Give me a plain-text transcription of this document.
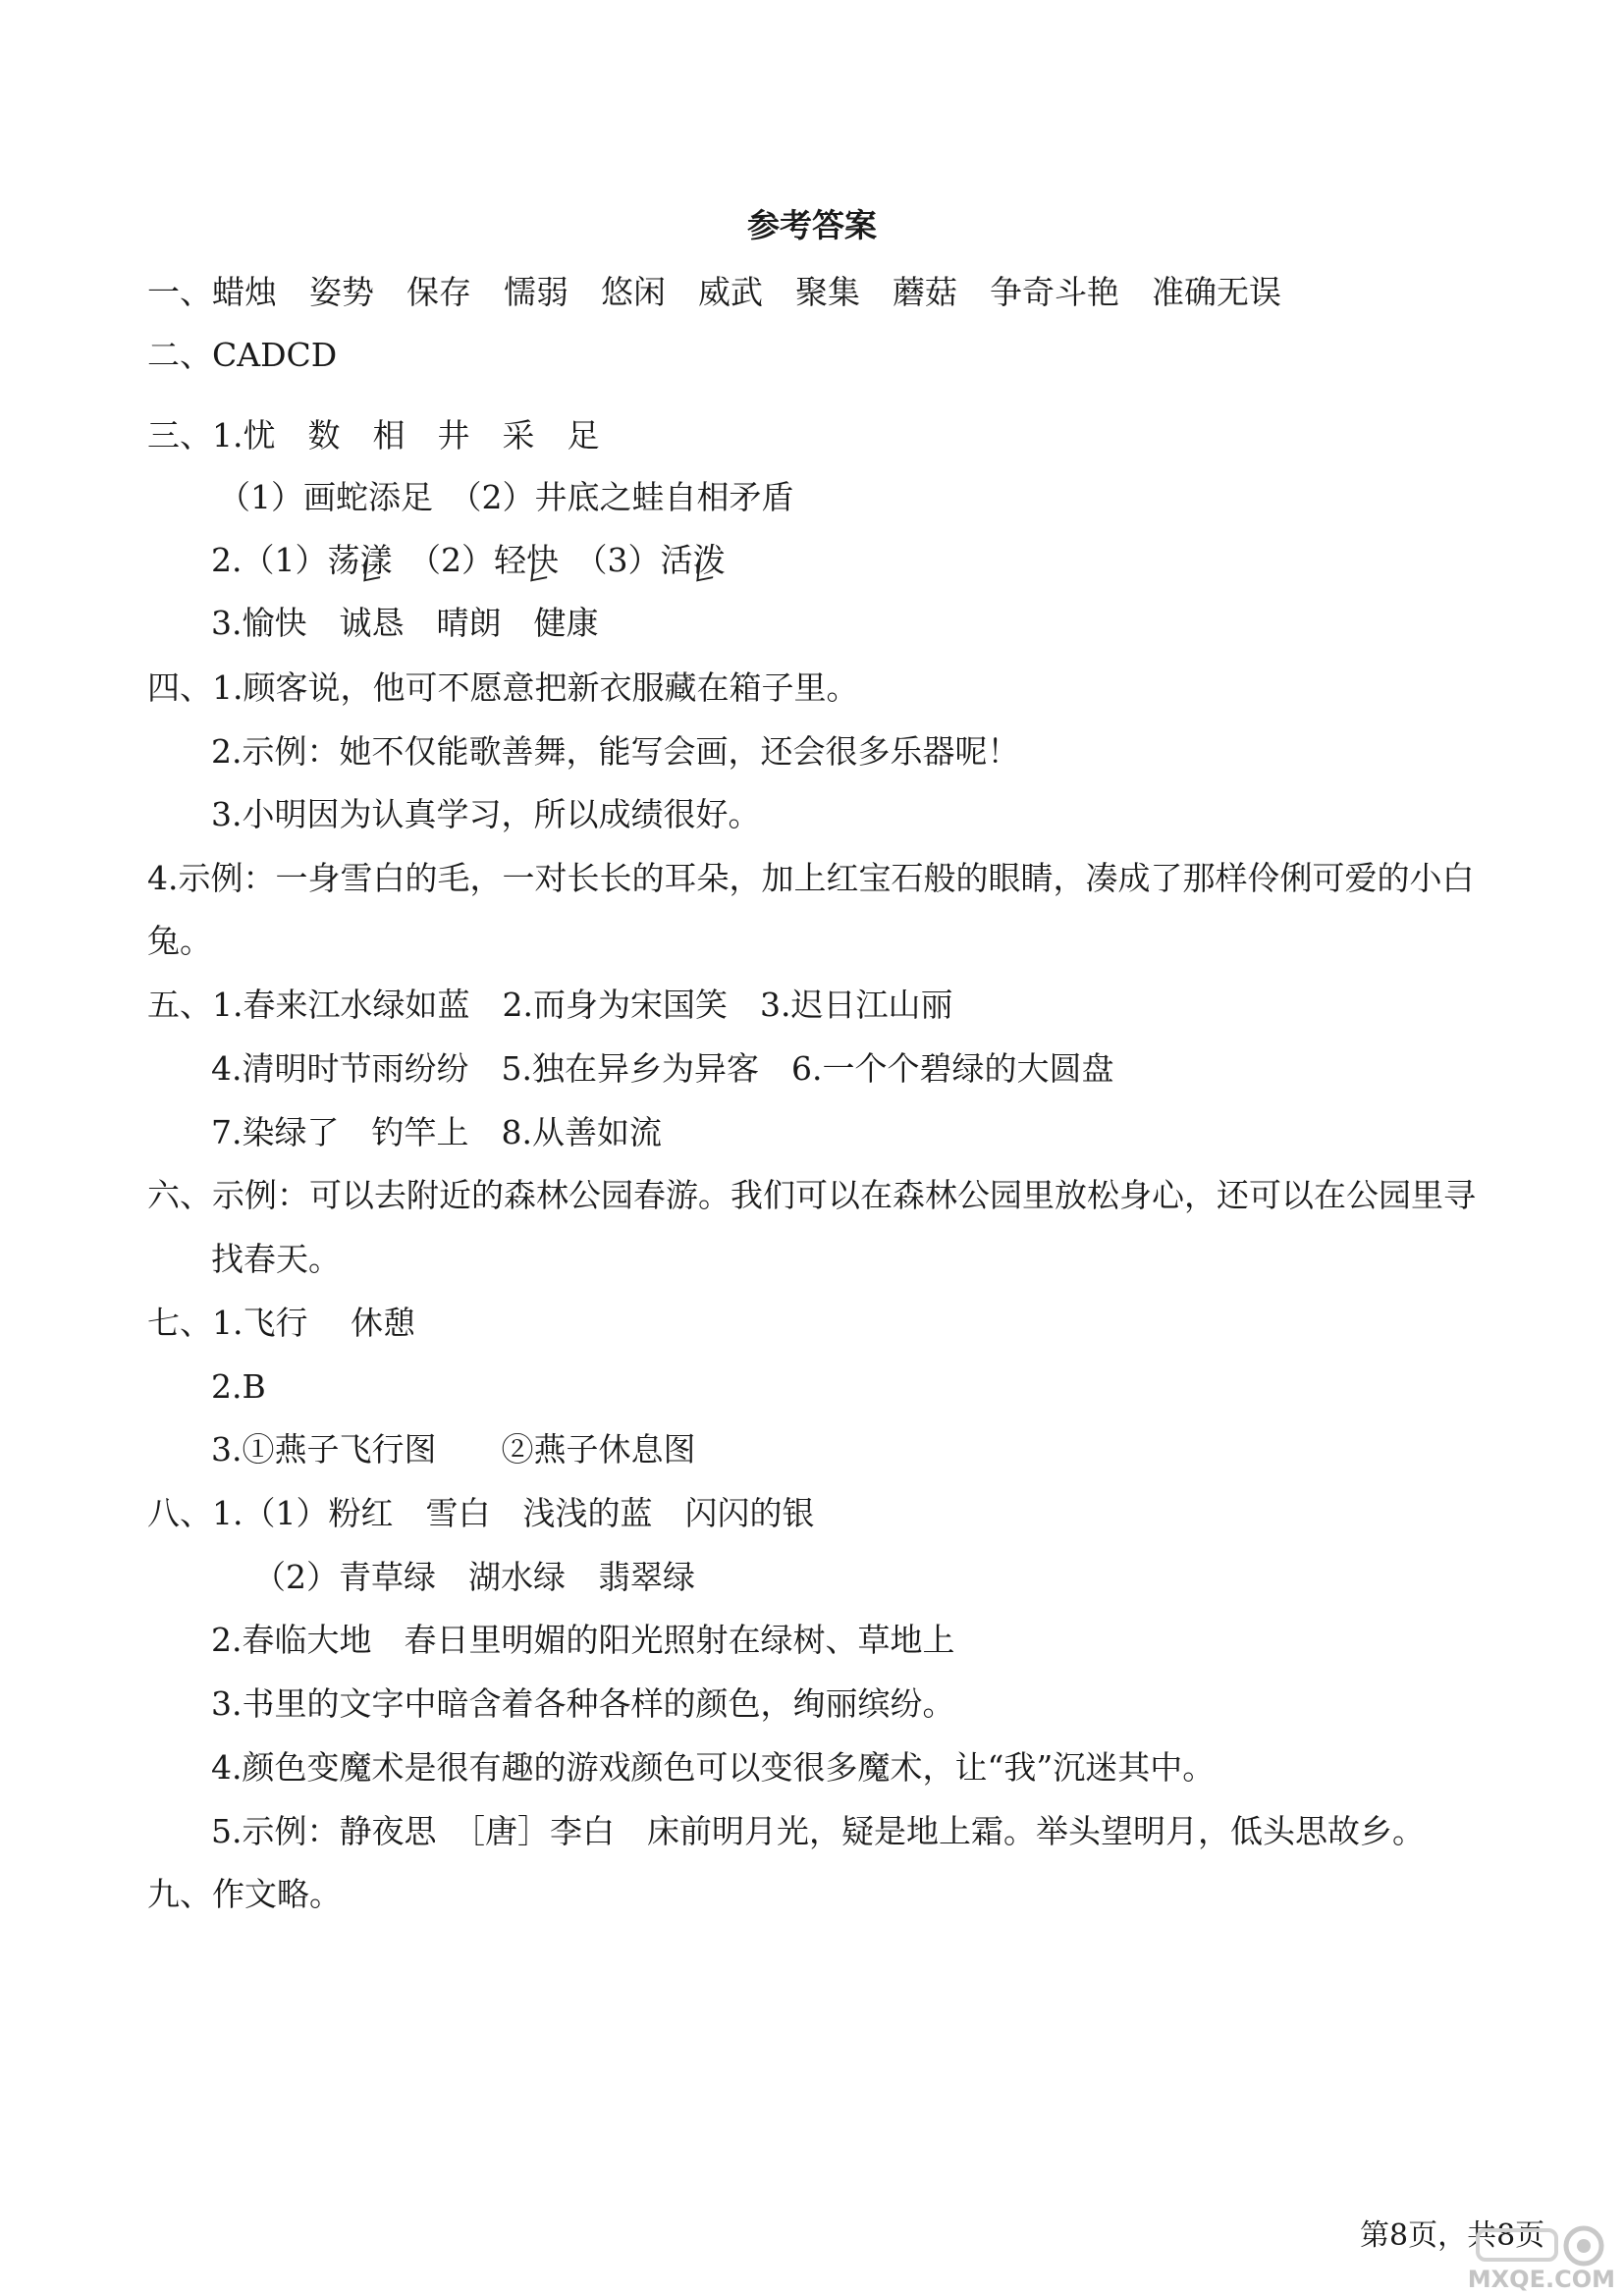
参考答案
一、蜡烛　姿势　保存　懦弱　悠闲　威武　聚集　蘑菇　争奇斗艳　准确无误
二、CADCD
三、1.忧　数　相　井　采　足
（1）画蛇添足　（2）井底之蛙自相矛盾
2.（1）荡漾　（2）轻快　（3）活泼
3.愉快　诚恳　晴朗　健康
四、1.顾客说，他可不愿意把新衣服藏在箱子里。
2.示例：她不仅能歌善舞，能写会画，还会很多乐器呢！
3.小明因为认真学习，所以成绩很好。
4.示例：一身雪白的毛，一对长长的耳朵，加上红宝石般的眼睛，凑成了那样伶俐可爱的小白
兔。
五、1.春来江水绿如蓝　2.而身为宋国笑　3.迟日江山丽
4.清明时节雨纷纷　5.独在异乡为异客　6.一个个碧绿的大圆盘
7.染绿了　钓竿上　8.从善如流
六、示例：可以去附近的森林公园春游。我们可以在森林公园里放松身心，还可以在公园里寻
找春天。
七、1.飞行　 休憩
2.B
3.①燕子飞行图　　②燕子休息图
八、1.（1）粉红　雪白　浅浅的蓝　闪闪的银
（2）青草绿　湖水绿　翡翠绿
2.春临大地　春日里明媚的阳光照射在绿树、草地上
3.书里的文字中暗含着各种各样的颜色，绚丽缤纷。
4.颜色变魔术是很有趣的游戏颜色可以变很多魔术，让“我”沉迷其中。
5.示例：静夜思　［唐］李白　床前明月光，疑是地上霜。举头望明月，低头思故乡。
九、作文略。
第8页，共8页
MXQE.COM
